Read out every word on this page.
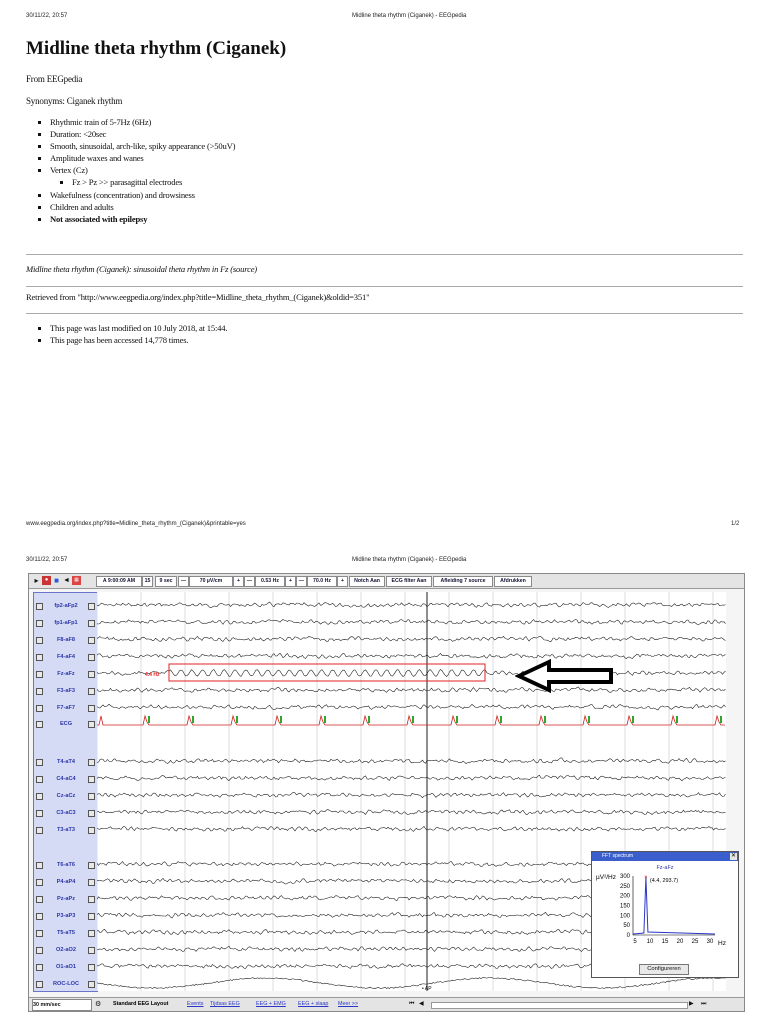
30/11/22, 20:57	Midline theta rhythm (Ciganek) - EEGpedia
Midline theta rhythm (Ciganek)
From EEGpedia
Synonyms: Ciganek rhythm
▪ Rhythmic train of 5-7Hz (6Hz)
▪ Duration: <20sec
▪ Smooth, sinusoidal, arch-like, spiky appearance (>50uV)
▪ Amplitude waxes and wanes
▪ Vertex (Cz)
▪ Fz > Pz >> parasagittal electrodes
▪ Wakefulness (concentration) and drowsiness
▪ Children and adults
▪ Not associated with epilepsy
Midline theta rhythm (Ciganek): sinusoidal theta rhythm in Fz (source)
Retrieved from "http://www.eegpedia.org/index.php?title=Midline_theta_rhythm_(Ciganek)&oldid=351"
▪ This page was last modified on 10 July 2018, at 15:44.
▪ This page has been accessed 14,778 times.
www.eegpedia.org/index.php?title=Midline_theta_rhythm_(Ciganek)&printable=yes	1/2
30/11/22, 20:57	Midline theta rhythm (Ciganek) - EEGpedia
▸	● ■ ◄ ▦	A 9:00:09 AM	15	9 sec	—	70 µV/cm	+	—	0.53 Hz	+	—	70.0 Hz	+	Notch Aan	ECG filter Aan	Afleiding 7 source	Afdrukken
fp2-aFp2
fp1-aFp1
F8-aF8
F4-aF4
Fz-aFz
F3-aF3
F7-aF7
ECG
T4-aT4
C4-aC4
Cz-aCz
C3-aC3
T3-aT3
T6-aT6
P4-aP4
Pz-aPz
P3-aP3
T5-aT5
O2-aO2
O1-aO1
ROC-LOC
4.4 Hz
• AP
FFT spectrum	✕
Fz-aFz
µV²/Hz
Hz
300
250
200
150
100
50
0
5 10 15 20 25 30
× (4.4, 293.7)
Configureren
30 mm/sec	⚙ Standard EEG Layout	Events Tijdsas EEG	EEG + EMG EEG + slaap Meer >>	⏮ ◀	▶ ⏭
